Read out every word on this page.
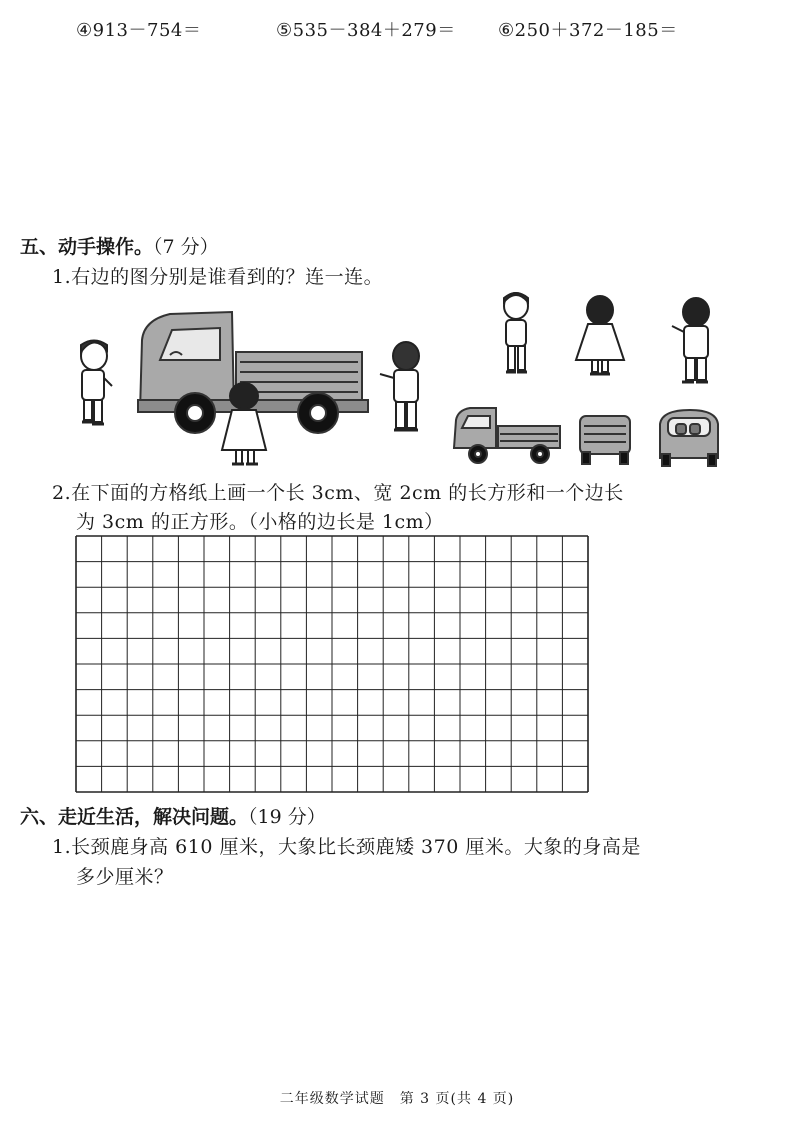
④913－754＝	⑤535－384＋279＝ ⑥250＋372－185＝
五、动手操作。（7 分）
1.右边的图分别是谁看到的？连一连。
2.在下面的方格纸上画一个长 3cm、宽 2cm 的长方形和一个边长
为 3cm 的正方形。（小格的边长是 1cm）
六、走近生活，解决问题。（19 分）
1.长颈鹿身高 610 厘米，大象比长颈鹿矮 370 厘米。大象的身高是
多少厘米？
二年级数学试题　第 3 页(共 4 页)
